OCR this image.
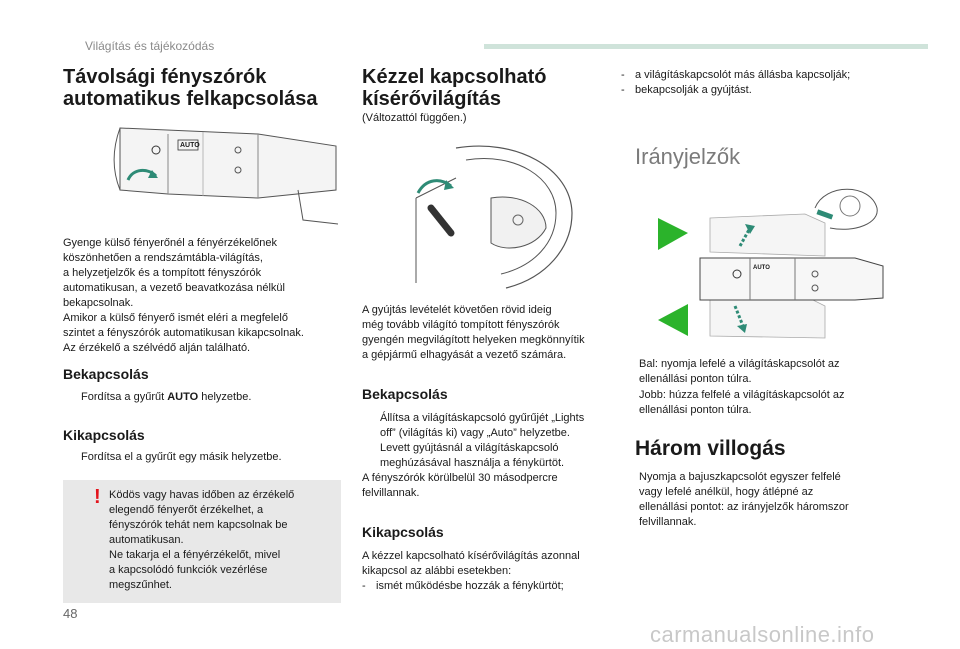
Világítás és tájékozódás
Távolsági fényszórók
automatikus felkapcsolása
AUTO
Gyenge külső fényerőnél a fényérzékelőnek
köszönhetően a rendszámtábla-világítás,
a helyzetjelzők és a tompított fényszórók
automatikusan, a vezető beavatkozása nélkül
bekapcsolnak.
Amikor a külső fényerő ismét eléri a megfelelő
szintet a fényszórók automatikusan kikapcsolnak.
Az érzékelő a szélvédő alján található.
Bekapcsolás
Fordítsa a gyűrűt AUTO helyzetbe.
Kikapcsolás
Fordítsa el a gyűrűt egy másik helyzetbe.
! Ködös vagy havas időben az érzékelő
elegendő fényerőt érzékelhet, a
fényszórók tehát nem kapcsolnak be
automatikusan.
Ne takarja el a fényérzékelőt, mivel
a kapcsolódó funkciók vezérlése
megszűnhet.
Kézzel kapcsolható
kísérővilágítás
(Változattól függően.)
A gyújtás levételét követően rövid ideig
még tovább világító tompított fényszórók
gyengén megvilágított helyeken megkönnyítik
a gépjármű elhagyását a vezető számára.
Bekapcsolás
Állítsa a világításkapcsoló gyűrűjét „Lights
off” (világítás ki) vagy „Auto” helyzetbe.
Levett gyújtásnál a világításkapcsoló
meghúzásával használja a fénykürtöt.
A fényszórók körülbelül 30 másodpercre
felvillannak.
Kikapcsolás
A kézzel kapcsolható kísérővilágítás azonnal
kikapcsol az alábbi esetekben:
- ismét működésbe hozzák a fénykürtöt;
- a világításkapcsolót más állásba kapcsolják;
- bekapcsolják a gyújtást.
Irányjelzők
AUTO
Bal: nyomja lefelé a világításkapcsolót az
ellenállási ponton túlra.
Jobb: húzza felfelé a világításkapcsolót az
ellenállási ponton túlra.
Három villogás
Nyomja a bajuszkapcsolót egyszer felfelé
vagy lefelé anélkül, hogy átlépné az
ellenállási pontot: az irányjelzők háromszor
felvillannak.
48
carmanualsonline.info
